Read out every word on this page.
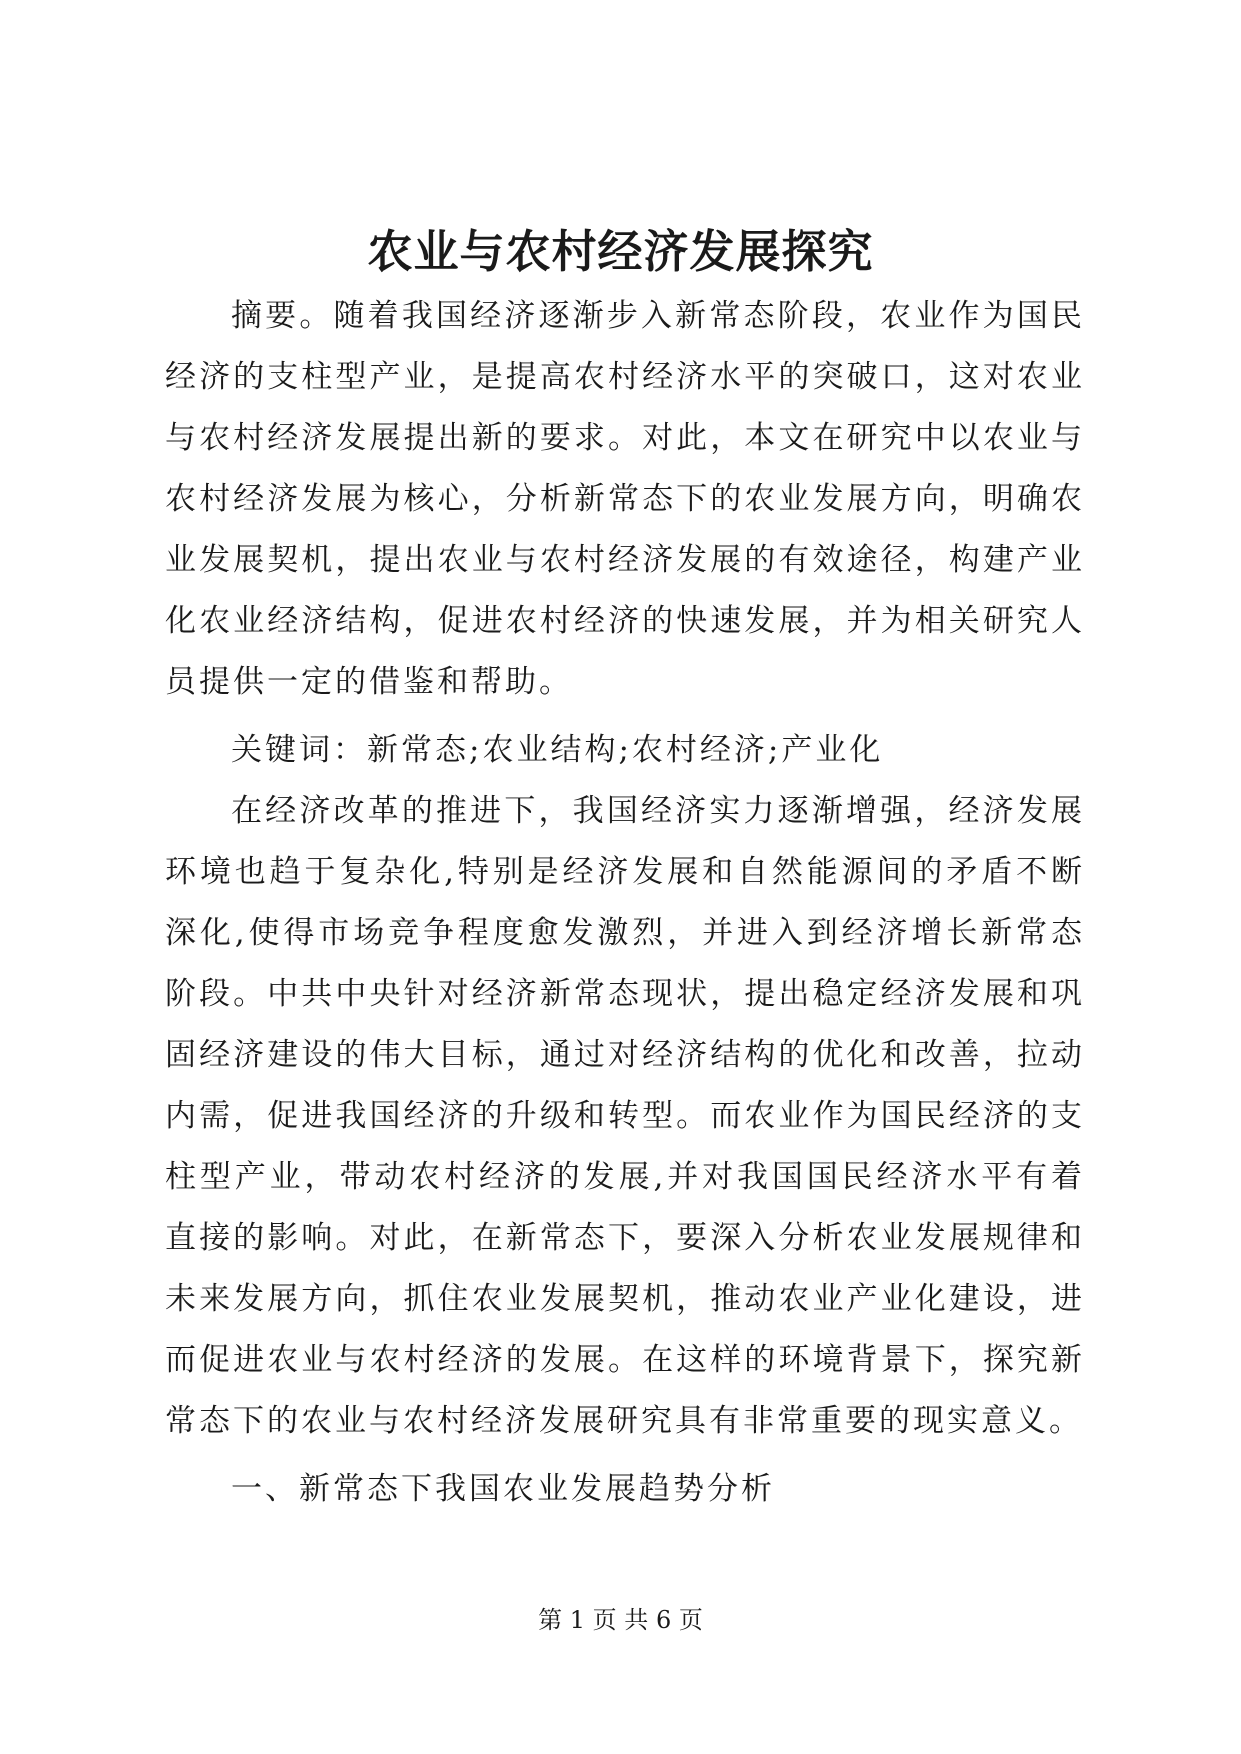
农业与农村经济发展探究

摘要。随着我国经济逐渐步入新常态阶段，农业作为国民经济的支柱型产业，是提高农村经济水平的突破口，这对农业与农村经济发展提出新的要求。对此，本文在研究中以农业与农村经济发展为核心，分析新常态下的农业发展方向，明确农业发展契机，提出农业与农村经济发展的有效途径，构建产业化农业经济结构，促进农村经济的快速发展，并为相关研究人员提供一定的借鉴和帮助。

关键词：新常态;农业结构;农村经济;产业化

在经济改革的推进下，我国经济实力逐渐增强，经济发展环境也趋于复杂化,特别是经济发展和自然能源间的矛盾不断深化,使得市场竞争程度愈发激烈，并进入到经济增长新常态阶段。中共中央针对经济新常态现状，提出稳定经济发展和巩固经济建设的伟大目标，通过对经济结构的优化和改善，拉动内需，促进我国经济的升级和转型。而农业作为国民经济的支柱型产业，带动农村经济的发展,并对我国国民经济水平有着直接的影响。对此，在新常态下，要深入分析农业发展规律和未来发展方向，抓住农业发展契机，推动农业产业化建设，进而促进农业与农村经济的发展。在这样的环境背景下，探究新常态下的农业与农村经济发展研究具有非常重要的现实意义。

一、新常态下我国农业发展趋势分析

第 1 页 共 6 页
